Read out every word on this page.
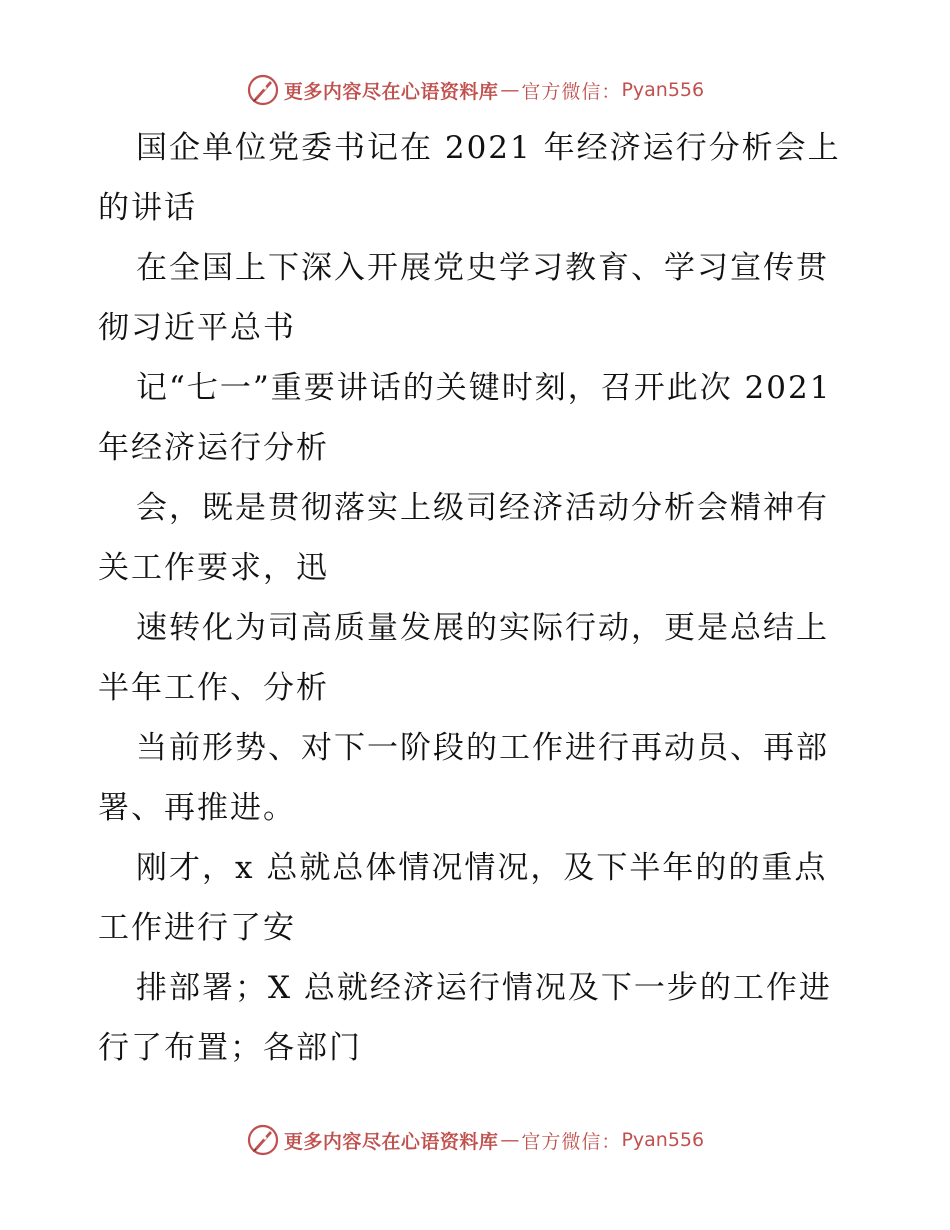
更多内容尽在心语资料库 — 官方微信： Pyan556

国企单位党委书记在 2021 年经济运行分析会上的讲话

在全国上下深入开展党史学习教育、学习宣传贯彻习近平总书

记“七一”重要讲话的关键时刻，召开此次 2021 年经济运行分析

会，既是贯彻落实上级司经济活动分析会精神有关工作要求，迅

速转化为司高质量发展的实际行动，更是总结上半年工作、分析

当前形势、对下一阶段的工作进行再动员、再部署、再推进。

刚才，x 总就总体情况情况，及下半年的的重点工作进行了安

排部署；X 总就经济运行情况及下一步的工作进行了布置；各部门

更多内容尽在心语资料库 — 官方微信： Pyan556
